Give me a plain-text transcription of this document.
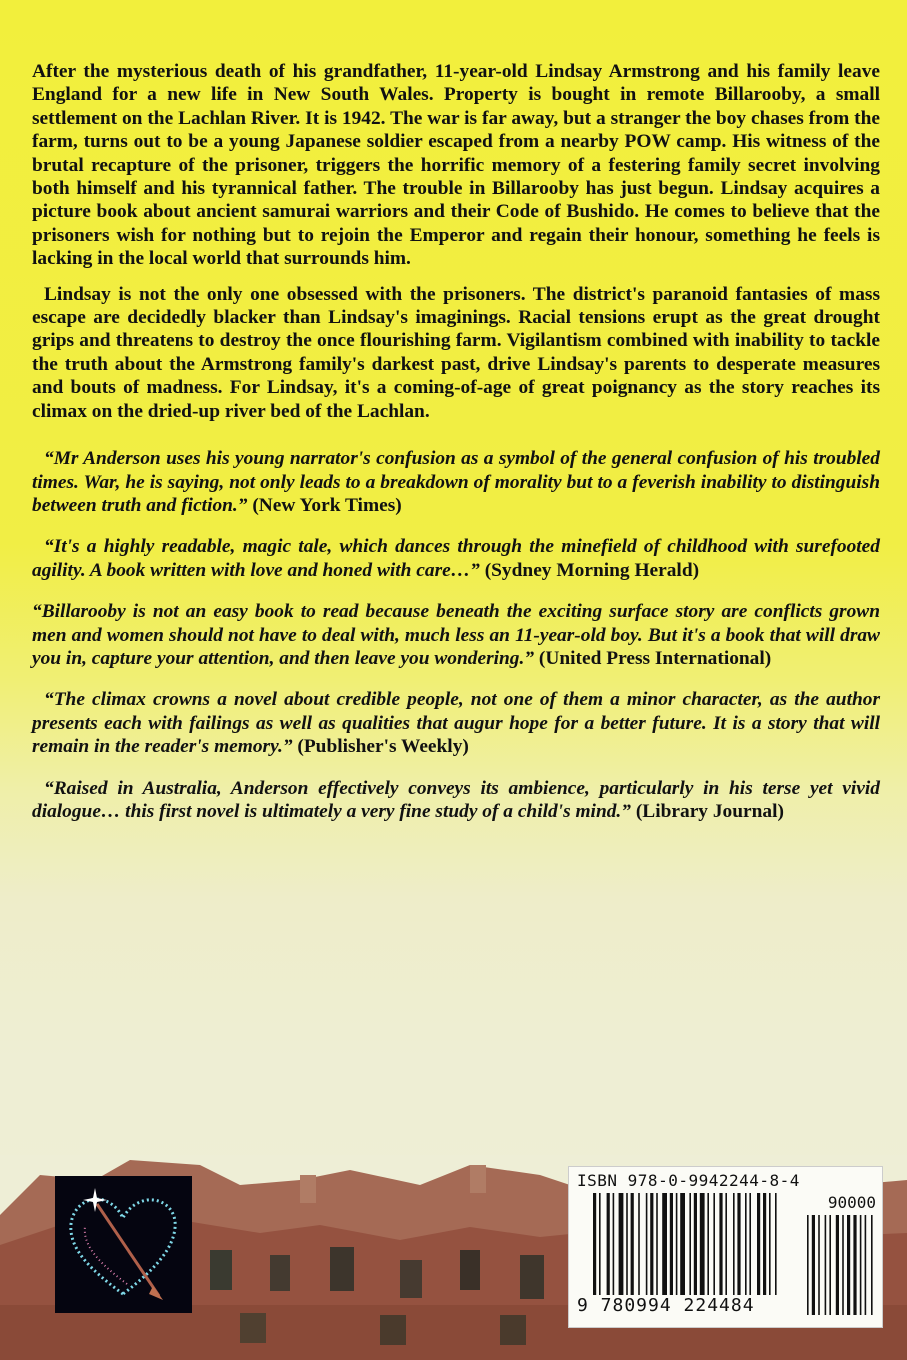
After the mysterious death of his grandfather, 11-year-old Lindsay Armstrong and his family leave England for a new life in New South Wales. Property is bought in remote Billarooby, a small settlement on the Lachlan River. It is 1942. The war is far away, but a stranger the boy chases from the farm, turns out to be a young Japanese soldier escaped from a nearby POW camp. His witness of the brutal recapture of the prisoner, triggers the horrific memory of a festering family secret involving both himself and his tyrannical father. The trouble in Billarooby has just begun. Lindsay acquires a picture book about ancient samurai warriors and their Code of Bushido. He comes to believe that the prisoners wish for nothing but to rejoin the Emperor and regain their honour, something he feels is lacking in the local world that surrounds him.

Lindsay is not the only one obsessed with the prisoners. The district's paranoid fantasies of mass escape are decidedly blacker than Lindsay's imaginings. Racial tensions erupt as the great drought grips and threatens to destroy the once flourishing farm. Vigilantism combined with inability to tackle the truth about the Armstrong family's darkest past, drive Lindsay's parents to desperate measures and bouts of madness. For Lindsay, it's a coming-of-age of great poignancy as the story reaches its climax on the dried-up river bed of the Lachlan.

“Mr Anderson uses his young narrator's confusion as a symbol of the general confusion of his troubled times. War, he is saying, not only leads to a breakdown of morality but to a feverish inability to distinguish between truth and fiction.” (New York Times)

“It's a highly readable, magic tale, which dances through the minefield of childhood with surefooted agility. A book written with love and honed with care…” (Sydney Morning Herald)

“Billarooby is not an easy book to read because beneath the exciting surface story are conflicts grown men and women should not have to deal with, much less an 11-year-old boy. But it's a book that will draw you in, capture your attention, and then leave you wondering.” (United Press International)

“The climax crowns a novel about credible people, not one of them a minor character, as the author presents each with failings as well as qualities that augur hope for a better future. It is a story that will remain in the reader's memory.” (Publisher's Weekly)

“Raised in Australia, Anderson effectively conveys its ambience, particularly in his terse yet vivid dialogue… this first novel is ultimately a very fine study of a child's mind.” (Library Journal)

ISBN 978-0-9942244-8-4
90000
9 780994 224484
